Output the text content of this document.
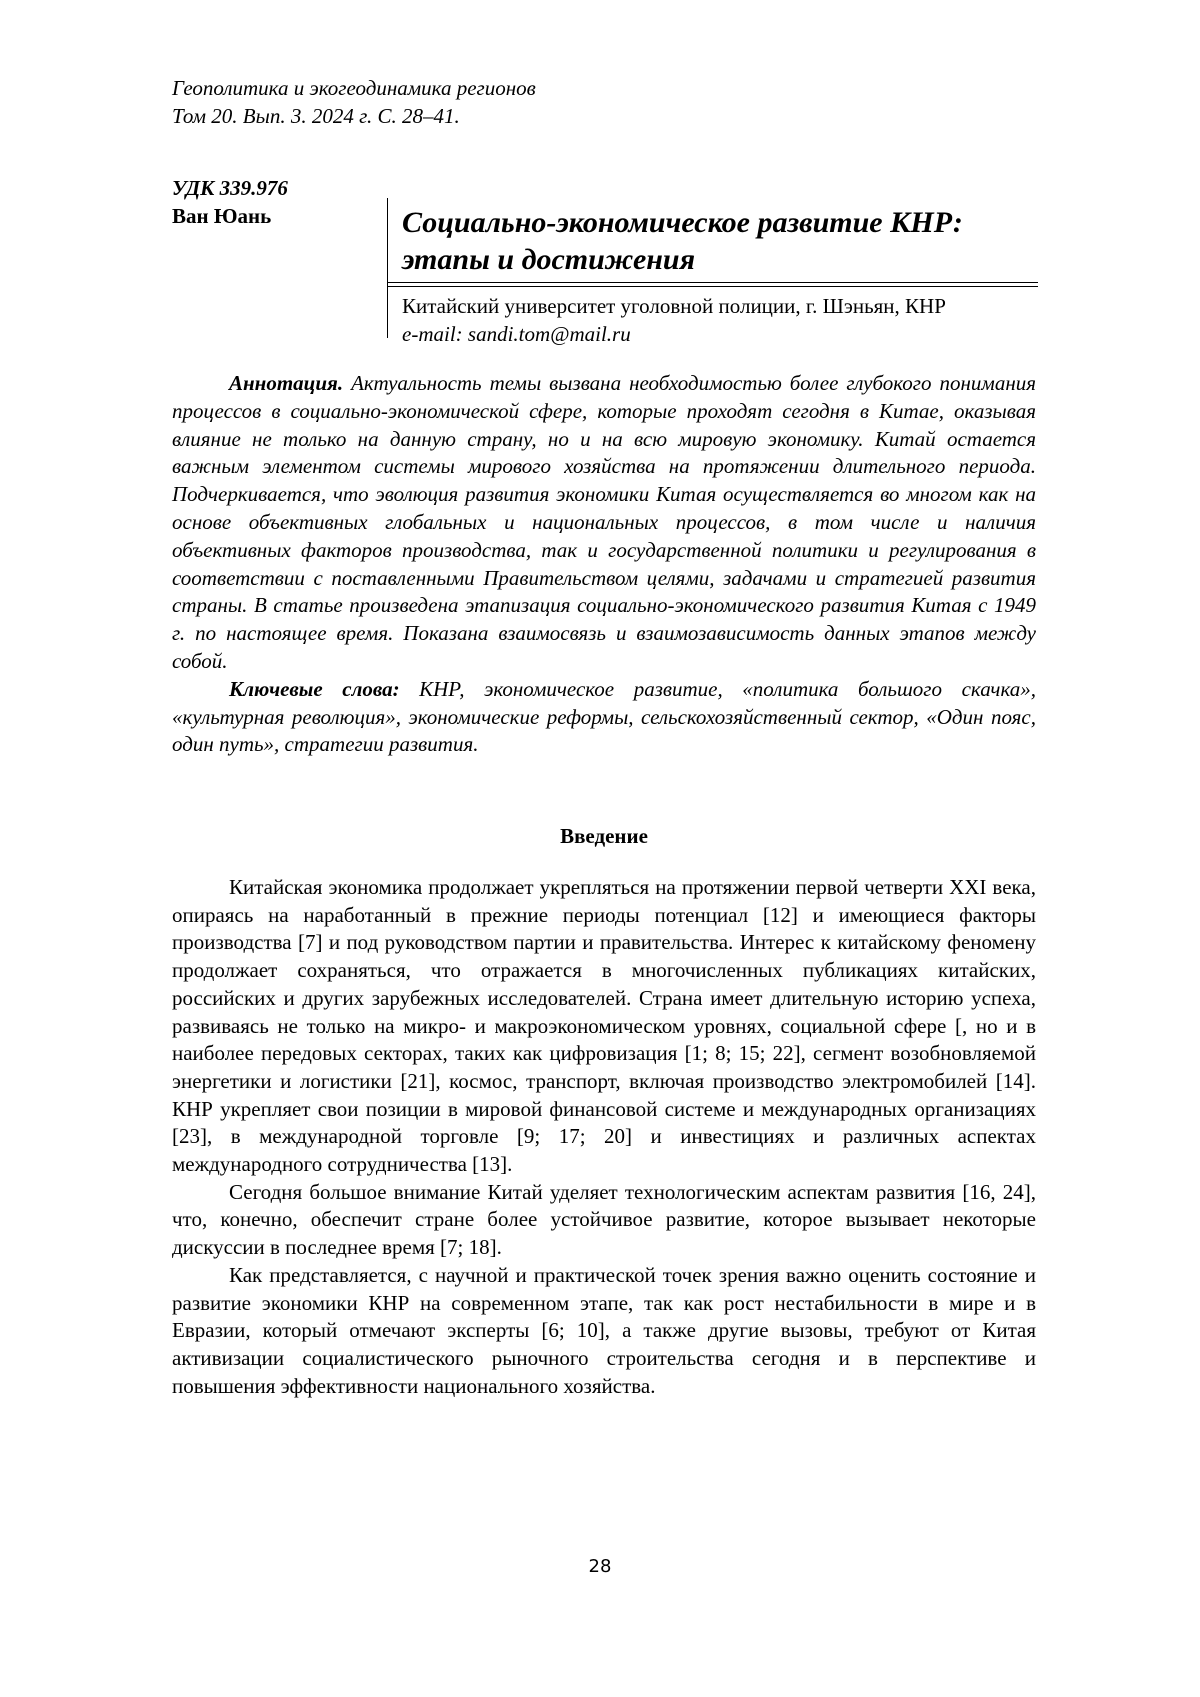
Геополитика и экогеодинамика регионов
Том 20. Вып. 3. 2024 г. С. 28–41.
УДК 339.976
Ван Юань	Социально-экономическое развитие КНР: этапы и достижения
Китайский университет уголовной полиции, г. Шэньян, КНР
e-mail: sandi.tom@mail.ru

Аннотация. Актуальность темы вызвана необходимостью более глубокого понимания процессов в социально-экономической сфере, которые проходят сегодня в Китае, оказывая влияние не только на данную страну, но и на всю мировую экономику. Китай остается важным элементом системы мирового хозяйства на протяжении длительного периода. Подчеркивается, что эволюция развития экономики Китая осуществляется во многом как на основе объективных глобальных и национальных процессов, в том числе и наличия объективных факторов производства, так и государственной политики и регулирования в соответствии с поставленными Правительством целями, задачами и стратегией развития страны. В статье произведена этапизация социально-экономического развития Китая с 1949 г. по настоящее время. Показана взаимосвязь и взаимозависимость данных этапов между собой.

Ключевые слова: КНР, экономическое развитие, «политика большого скачка», «культурная революция», экономические реформы, сельскохозяйственный сектор, «Один пояс, один путь», стратегии развития.

Введение

Китайская экономика продолжает укрепляться на протяжении первой четверти XXI века, опираясь на наработанный в прежние периоды потенциал [12] и имеющиеся факторы производства [7] и под руководством партии и правительства. Интерес к китайскому феномену продолжает сохраняться, что отражается в многочисленных публикациях китайских, российских и других зарубежных исследователей. Страна имеет длительную историю успеха, развиваясь не только на микро- и макроэкономическом уровнях, социальной сфере [, но и в наиболее передовых секторах, таких как цифровизация [1; 8; 15; 22], сегмент возобновляемой энергетики и логистики [21], космос, транспорт, включая производство электромобилей [14]. КНР укрепляет свои позиции в мировой финансовой системе и международных организациях [23], в международной торговле [9; 17; 20] и инвестициях и различных аспектах международного сотрудничества [13].

Сегодня большое внимание Китай уделяет технологическим аспектам развития [16, 24], что, конечно, обеспечит стране более устойчивое развитие, которое вызывает некоторые дискуссии в последнее время [7; 18].

Как представляется, с научной и практической точек зрения важно оценить состояние и развитие экономики КНР на современном этапе, так как рост нестабильности в мире и в Евразии, который отмечают эксперты [6; 10], а также другие вызовы, требуют от Китая активизации социалистического рыночного строительства сегодня и в перспективе и повышения эффективности национального хозяйства.

28
